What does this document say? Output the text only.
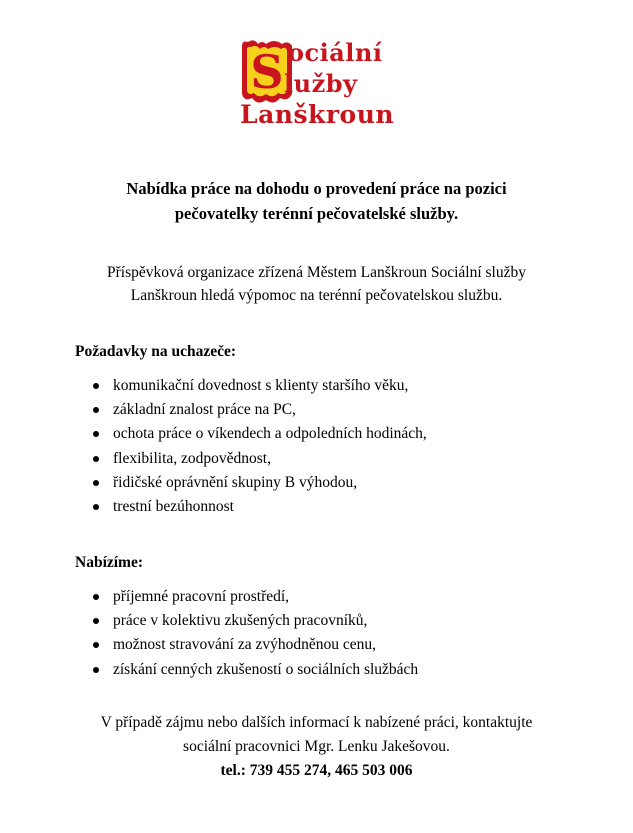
S ociální
lužby
Lanškroun
Nabídka práce na dohodu o provedení práce na pozici
pečovatelky terénní pečovatelské služby.
Příspěvková organizace zřízená Městem Lanškroun Sociální služby
Lanškroun hledá výpomoc na terénní pečovatelskou službu.
Požadavky na uchazeče:
komunikační dovednost s klienty staršího věku,
základní znalost práce na PC,
ochota práce o víkendech a odpoledních hodinách,
flexibilita, zodpovědnost,
řidičské oprávnění skupiny B výhodou,
trestní bezúhonnost
Nabízíme:
příjemné pracovní prostředí,
práce v kolektivu zkušených pracovníků,
možnost stravování za zvýhodněnou cenu,
získání cenných zkušeností o sociálních službách
V případě zájmu nebo dalších informací k nabízené práci, kontaktujte
sociální pracovnici Mgr. Lenku Jakešovou.
tel.: 739 455 274, 465 503 006
